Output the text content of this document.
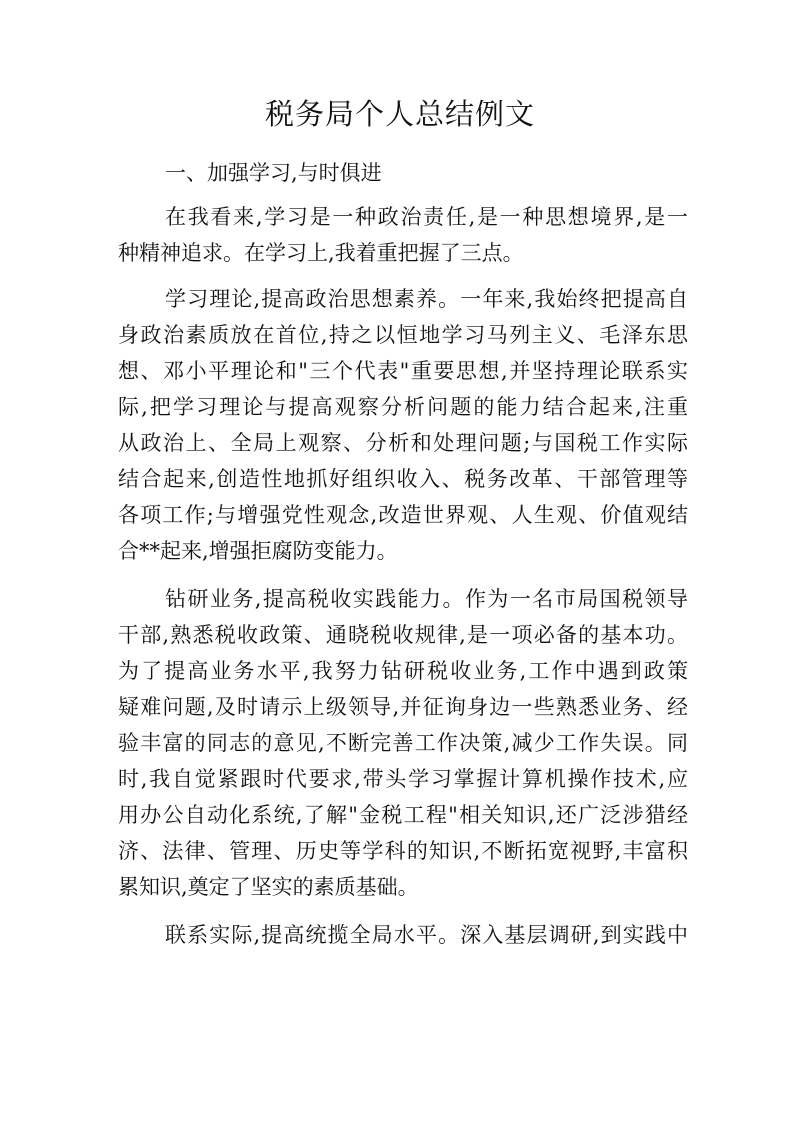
税务局个人总结例文
一、加强学习,与时俱进
在我看来,学习是一种政治责任,是一种思想境界,是一
种精神追求。在学习上,我着重把握了三点。
学习理论,提高政治思想素养。一年来,我始终把提高自
身政治素质放在首位,持之以恒地学习马列主义、毛泽东思
想、邓小平理论和"三个代表"重要思想,并坚持理论联系实
际,把学习理论与提高观察分析问题的能力结合起来,注重
从政治上、全局上观察、分析和处理问题;与国税工作实际
结合起来,创造性地抓好组织收入、税务改革、干部管理等
各项工作;与增强党性观念,改造世界观、人生观、价值观结
合**起来,增强拒腐防变能力。
钻研业务,提高税收实践能力。作为一名市局国税领导
干部,熟悉税收政策、通晓税收规律,是一项必备的基本功。
为了提高业务水平,我努力钻研税收业务,工作中遇到政策
疑难问题,及时请示上级领导,并征询身边一些熟悉业务、经
验丰富的同志的意见,不断完善工作决策,减少工作失误。同
时,我自觉紧跟时代要求,带头学习掌握计算机操作技术,应
用办公自动化系统,了解"金税工程"相关知识,还广泛涉猎经
济、法律、管理、历史等学科的知识,不断拓宽视野,丰富积
累知识,奠定了坚实的素质基础。
联系实际,提高统揽全局水平。深入基层调研,到实践中
